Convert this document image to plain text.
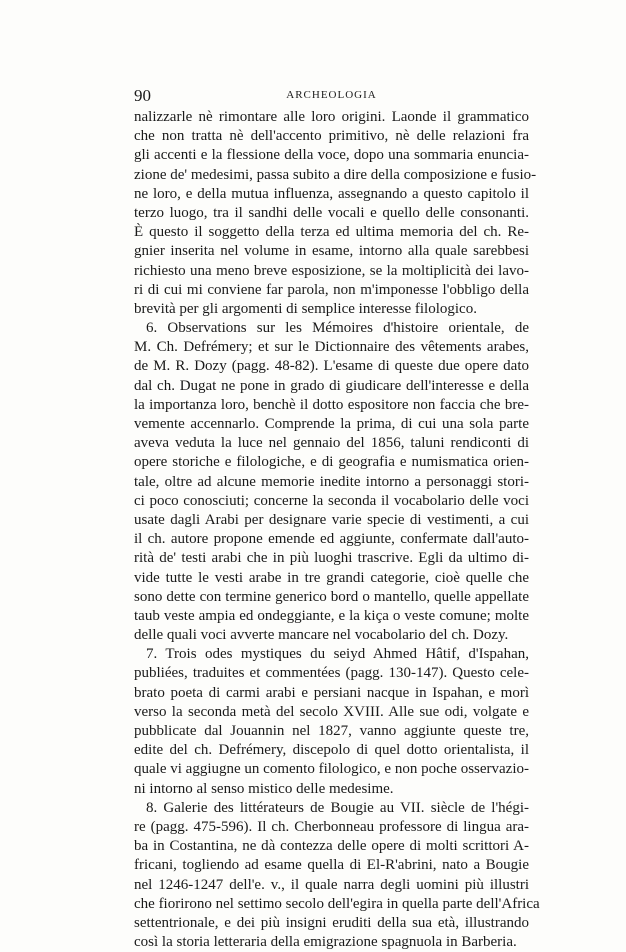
90	ARCHEOLOGIA
nalizzarle nè rimontare alle loro origini. Laonde il grammatico
che non tratta nè dell'accento primitivo, nè delle relazioni fra
gli accenti e la flessione della voce, dopo una sommaria enuncia-
zione de' medesimi, passa subito a dire della composizione e fusio-
ne loro, e della mutua influenza, assegnando a questo capitolo il
terzo luogo, tra il sandhi delle vocali e quello delle consonanti.
È questo il soggetto della terza ed ultima memoria del ch. Re-
gnier inserita nel volume in esame, intorno alla quale sarebbesi
richiesto una meno breve esposizione, se la moltiplicità dei lavo-
ri di cui mi conviene far parola, non m'imponesse l'obbligo della
brevità per gli argomenti di semplice interesse filologico.
6. Observations sur les Mémoires d'histoire orientale, de
M. Ch. Defrémery; et sur le Dictionnaire des vêtements arabes,
de M. R. Dozy (pagg. 48-82). L'esame di queste due opere dato
dal ch. Dugat ne pone in grado di giudicare dell'interesse e della
la importanza loro, benchè il dotto espositore non faccia che bre-
vemente accennarlo. Comprende la prima, di cui una sola parte
aveva veduta la luce nel gennaio del 1856, taluni rendiconti di
opere storiche e filologiche, e di geografia e numismatica orien-
tale, oltre ad alcune memorie inedite intorno a personaggi stori-
ci poco conosciuti; concerne la seconda il vocabolario delle voci
usate dagli Arabi per designare varie specie di vestimenti, a cui
il ch. autore propone emende ed aggiunte, confermate dall'auto-
rità de' testi arabi che in più luoghi trascrive. Egli da ultimo di-
vide tutte le vesti arabe in tre grandi categorie, cioè quelle che
sono dette con termine generico bord o mantello, quelle appellate
taub veste ampia ed ondeggiante, e la kiça o veste comune; molte
delle quali voci avverte mancare nel vocabolario del ch. Dozy.
7. Trois odes mystiques du seiyd Ahmed Hâtif, d'Ispahan,
publiées, traduites et commentées (pagg. 130-147). Questo cele-
brato poeta di carmi arabi e persiani nacque in Ispahan, e morì
verso la seconda metà del secolo XVIII. Alle sue odi, volgate e
pubblicate dal Jouannin nel 1827, vanno aggiunte queste tre,
edite del ch. Defrémery, discepolo di quel dotto orientalista, il
quale vi aggiugne un comento filologico, e non poche osservazio-
ni intorno al senso mistico delle medesime.
8. Galerie des littérateurs de Bougie au VII. siècle de l'hégi-
re (pagg. 475-596). Il ch. Cherbonneau professore di lingua ara-
ba in Costantina, ne dà contezza delle opere di molti scrittori A-
fricani, togliendo ad esame quella di El-R'abrini, nato a Bougie
nel 1246-1247 dell'e. v., il quale narra degli uomini più illustri
che fiorirono nel settimo secolo dell'egira in quella parte dell'Africa
settentrionale, e dei più insigni eruditi della sua età, illustrando
così la storia letteraria della emigrazione spagnuola in Barberia.
